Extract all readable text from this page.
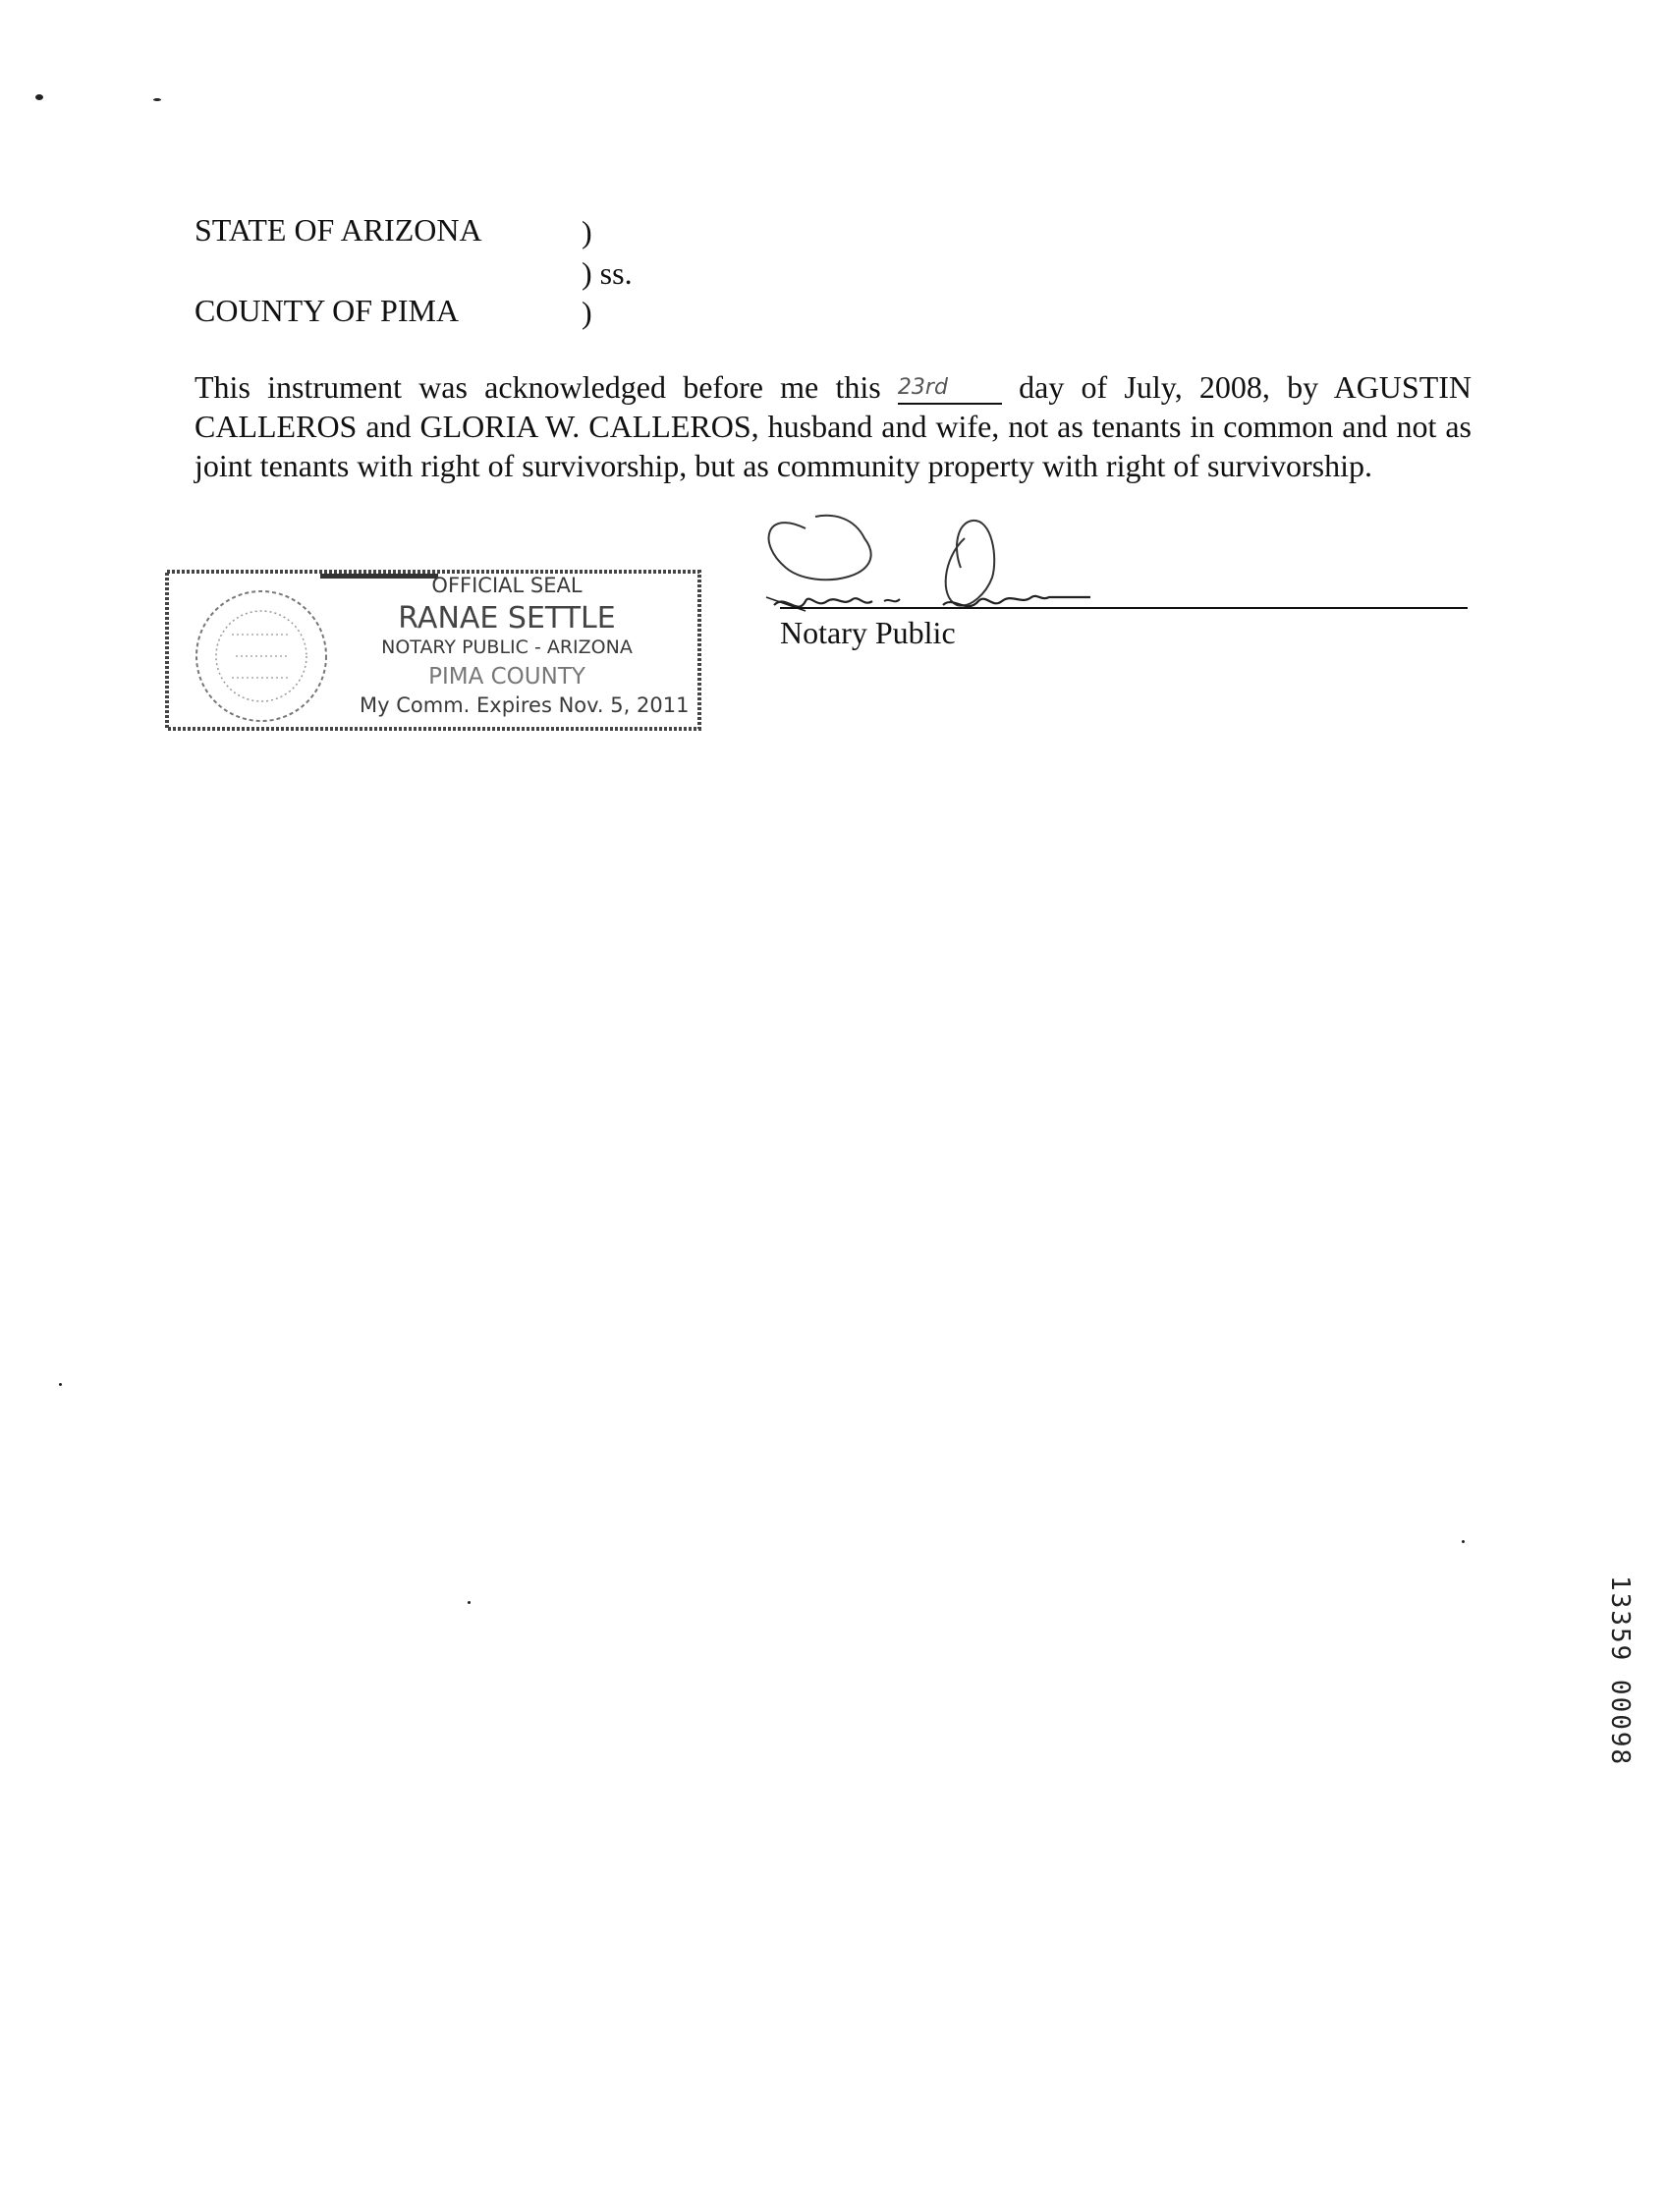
STATE OF ARIZONA	)
) ss.
COUNTY OF PIMA	)
This instrument was acknowledged before me this 23rd day of July, 2008, by AGUSTIN
CALLEROS and GLORIA W. CALLEROS, husband and wife, not as tenants in common and not as
joint tenants with right of survivorship, but as community property with right of survivorship.
Notary Public
OFFICIAL SEAL
RANAE SETTLE
NOTARY PUBLIC - ARIZONA
PIMA COUNTY
My Comm. Expires Nov. 5, 2011
13359 00098
